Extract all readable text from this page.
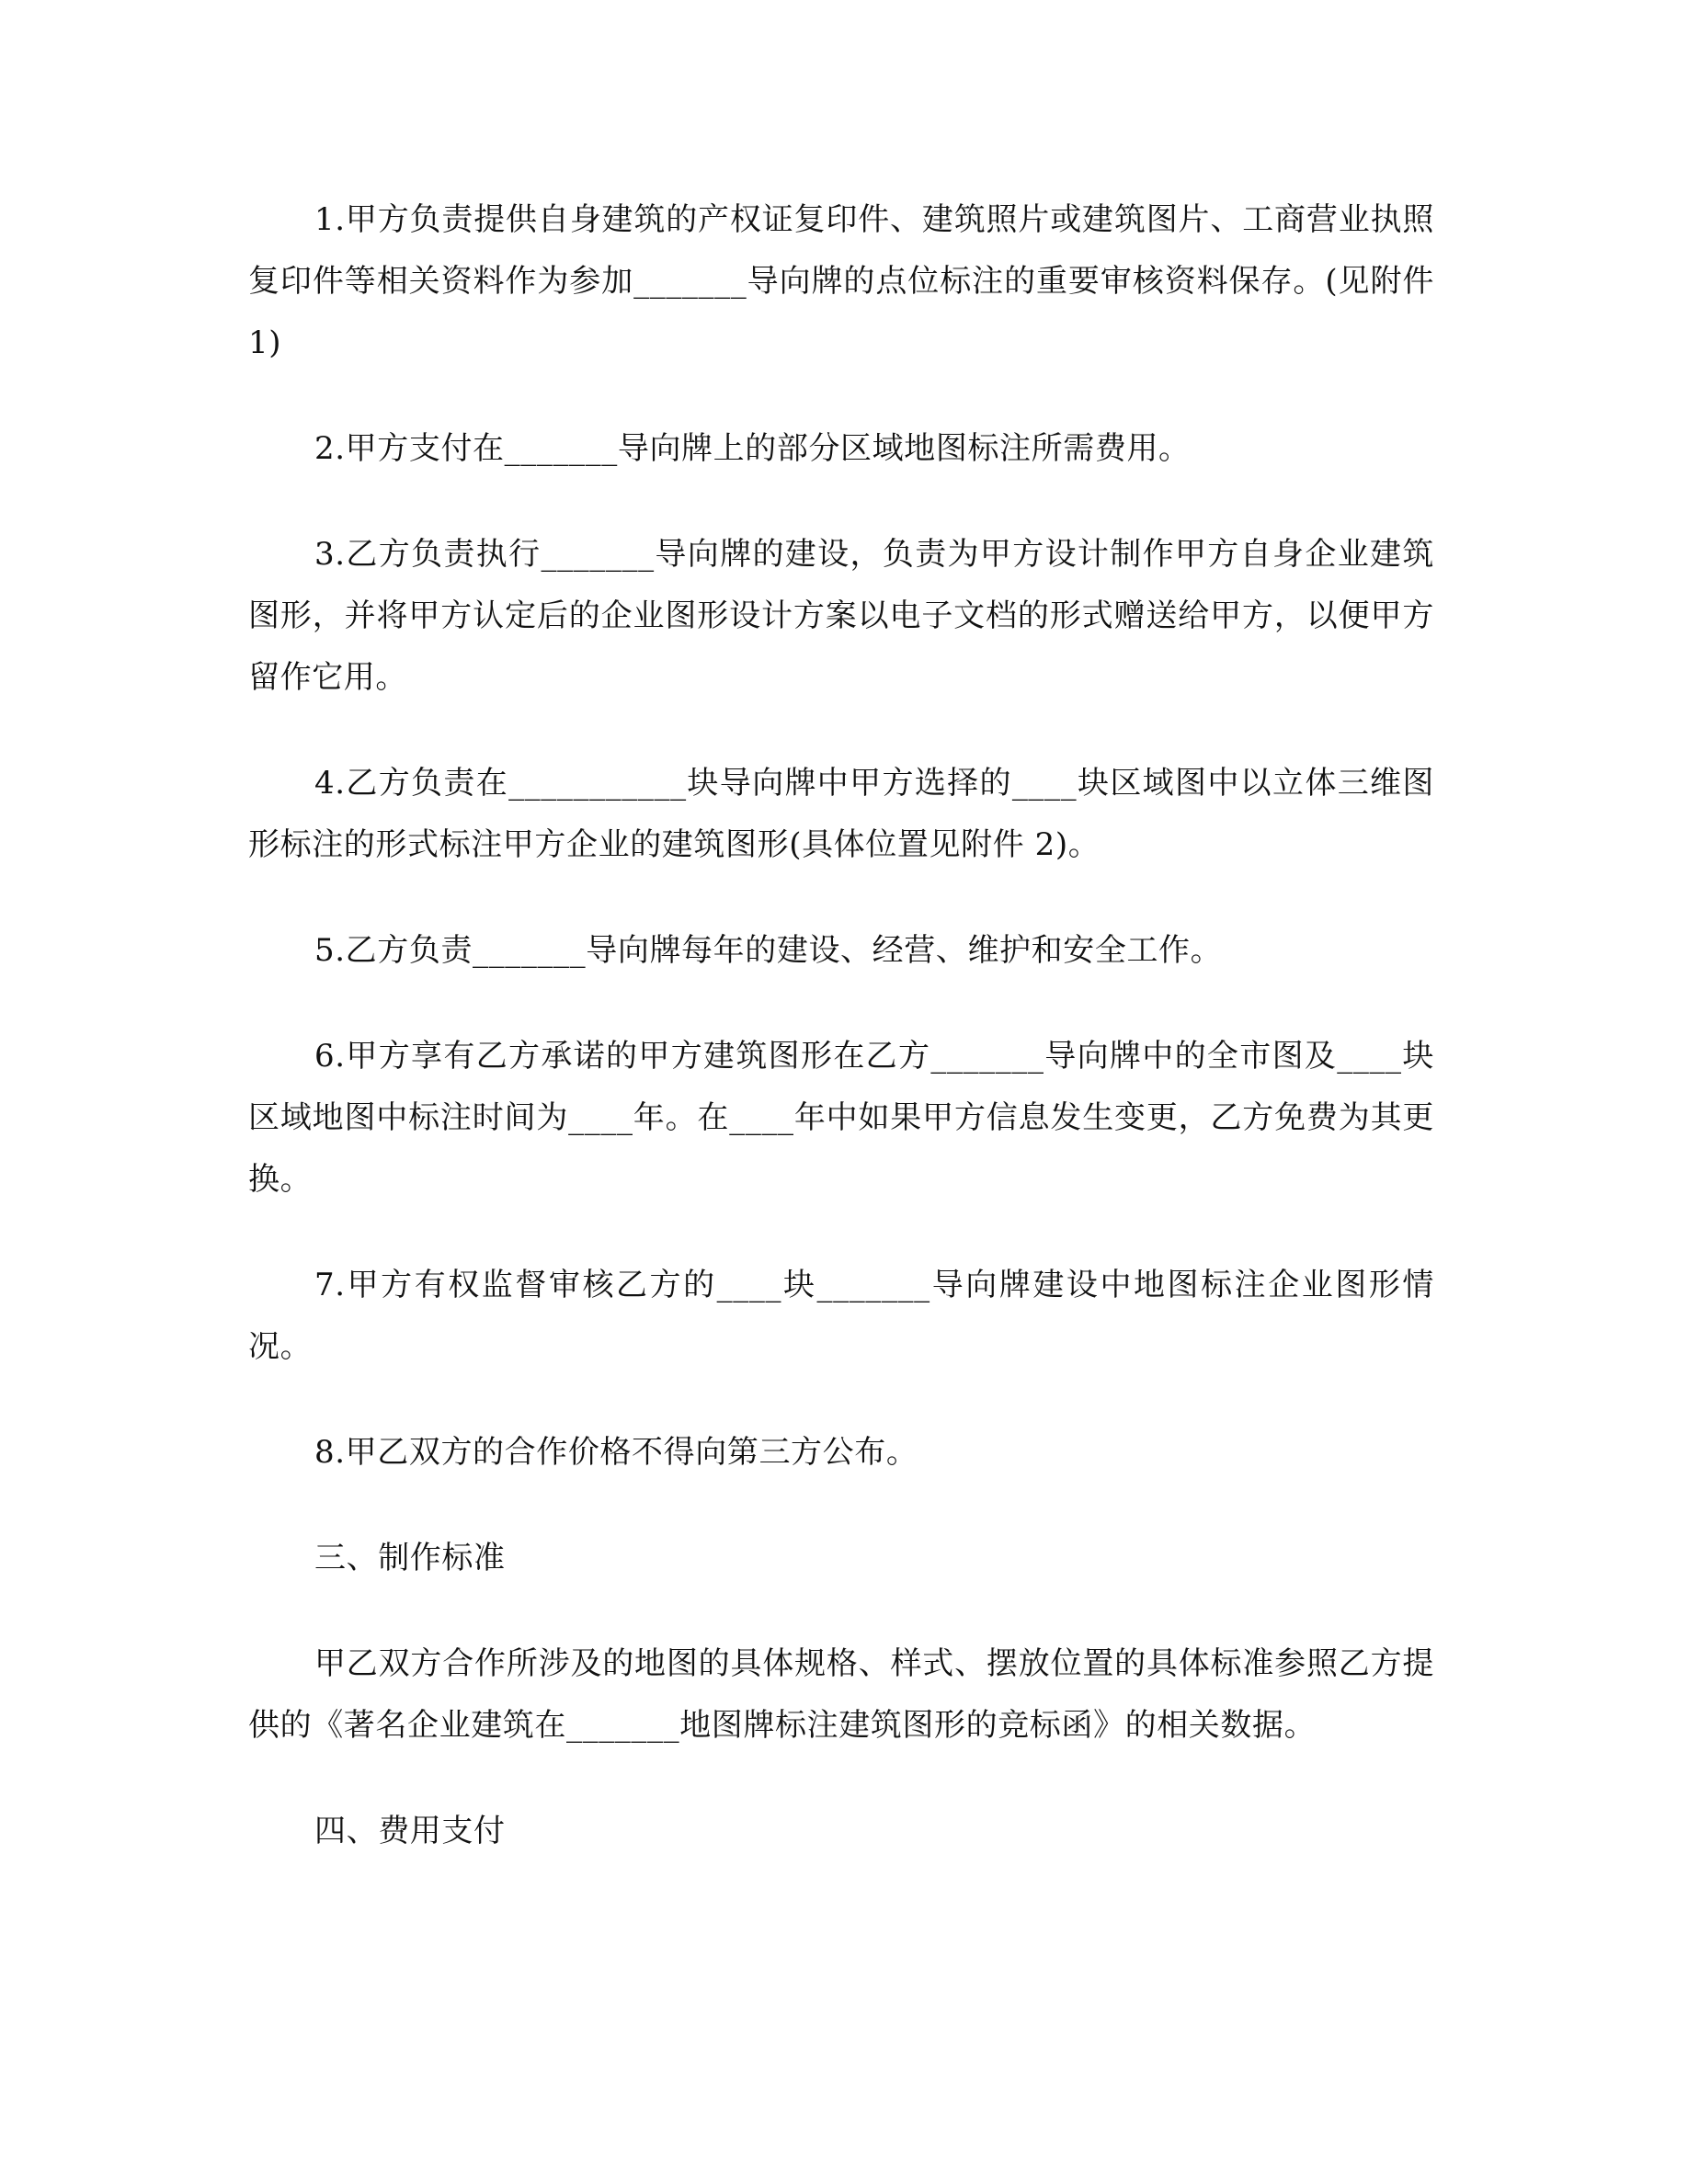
1.甲方负责提供自身建筑的产权证复印件、建筑照片或建筑图片、工商营业执照复印件等相关资料作为参加_______导向牌的点位标注的重要审核资料保存。(见附件 1)

2.甲方支付在_______导向牌上的部分区域地图标注所需费用。

3.乙方负责执行_______导向牌的建设，负责为甲方设计制作甲方自身企业建筑图形，并将甲方认定后的企业图形设计方案以电子文档的形式赠送给甲方，以便甲方留作它用。

4.乙方负责在___________块导向牌中甲方选择的____块区域图中以立体三维图形标注的形式标注甲方企业的建筑图形(具体位置见附件 2)。

5.乙方负责_______导向牌每年的建设、经营、维护和安全工作。

6.甲方享有乙方承诺的甲方建筑图形在乙方_______导向牌中的全市图及____块区域地图中标注时间为____年。在____年中如果甲方信息发生变更，乙方免费为其更换。

7.甲方有权监督审核乙方的____块_______导向牌建设中地图标注企业图形情况。

8.甲乙双方的合作价格不得向第三方公布。

三、制作标准

甲乙双方合作所涉及的地图的具体规格、样式、摆放位置的具体标准参照乙方提供的《著名企业建筑在_______地图牌标注建筑图形的竞标函》的相关数据。

四、费用支付
